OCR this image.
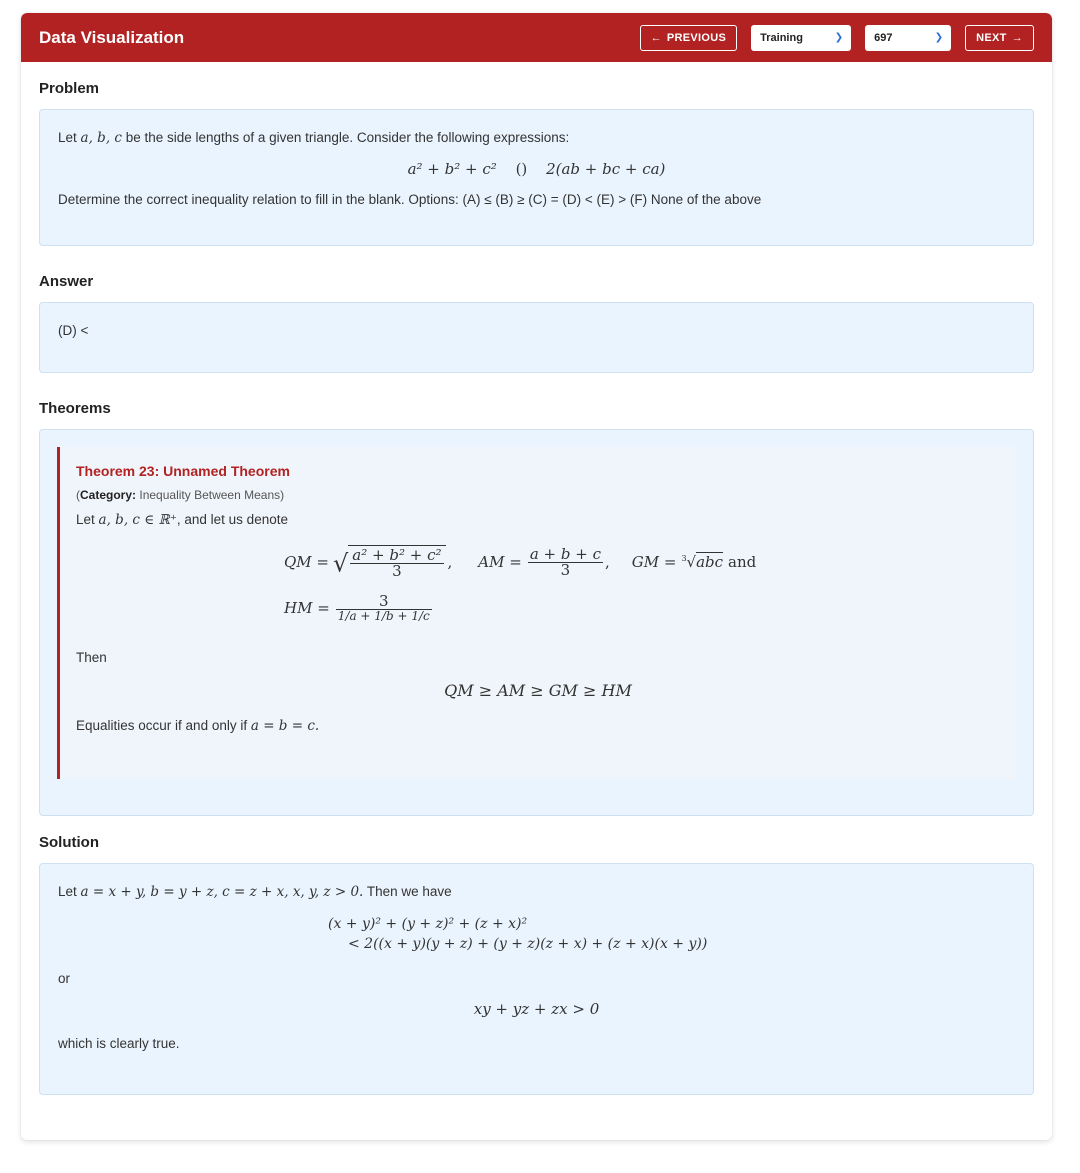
Data Visualization	← PREVIOUS	Training	❯	697	❯	NEXT →
Problem
Let a, b, c be the side lengths of a given triangle. Consider the following expressions:
a² + b² + c² () 2(ab + bc + ca)
Determine the correct inequality relation to fill in the blank. Options: (A) ≤ (B) ≥ (C) = (D) < (E) > (F) None of the above
Answer
(D) <
Theorems
Theorem 23: Unnamed Theorem
(Category: Inequality Between Means)
Let a, b, c ∈ ℝ⁺, and let us denote
QM = √ $\frac{\text{a² + b² + c²}}{3}$ , AM = $\frac{a + b + c}{3}$ , GM = $^3$√abc and
HM = $\frac{3}{1/a + 1/b + 1/c}$
Then
QM ≥ AM ≥ GM ≥ HM
Equalities occur if and only if a = b = c.
Solution
Let a = x + y, b = y + z, c = z + x, x, y, z > 0. Then we have
(x + y)² + (y + z)² + (z + x)²
< 2((x + y)(y + z) + (y + z)(z + x) + (z + x)(x + y))
or
xy + yz + zx > 0
which is clearly true.
